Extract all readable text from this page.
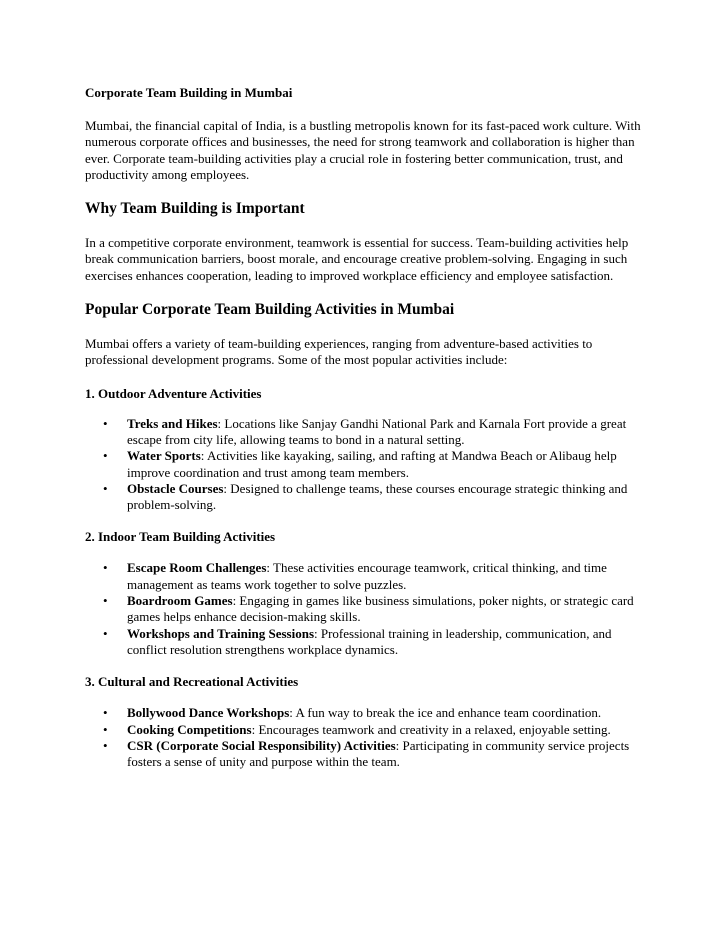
Corporate Team Building in Mumbai

Mumbai, the financial capital of India, is a bustling metropolis known for its fast-paced work culture. With numerous corporate offices and businesses, the need for strong teamwork and collaboration is higher than ever. Corporate team-building activities play a crucial role in fostering better communication, trust, and productivity among employees.

Why Team Building is Important

In a competitive corporate environment, teamwork is essential for success. Team-building activities help break communication barriers, boost morale, and encourage creative problem-solving. Engaging in such exercises enhances cooperation, leading to improved workplace efficiency and employee satisfaction.

Popular Corporate Team Building Activities in Mumbai

Mumbai offers a variety of team-building experiences, ranging from adventure-based activities to professional development programs. Some of the most popular activities include:

1. Outdoor Adventure Activities

• Treks and Hikes: Locations like Sanjay Gandhi National Park and Karnala Fort provide a great escape from city life, allowing teams to bond in a natural setting.
• Water Sports: Activities like kayaking, sailing, and rafting at Mandwa Beach or Alibaug help improve coordination and trust among team members.
• Obstacle Courses: Designed to challenge teams, these courses encourage strategic thinking and problem-solving.

2. Indoor Team Building Activities

• Escape Room Challenges: These activities encourage teamwork, critical thinking, and time management as teams work together to solve puzzles.
• Boardroom Games: Engaging in games like business simulations, poker nights, or strategic card games helps enhance decision-making skills.
• Workshops and Training Sessions: Professional training in leadership, communication, and conflict resolution strengthens workplace dynamics.

3. Cultural and Recreational Activities

• Bollywood Dance Workshops: A fun way to break the ice and enhance team coordination.
• Cooking Competitions: Encourages teamwork and creativity in a relaxed, enjoyable setting.
• CSR (Corporate Social Responsibility) Activities: Participating in community service projects fosters a sense of unity and purpose within the team.
